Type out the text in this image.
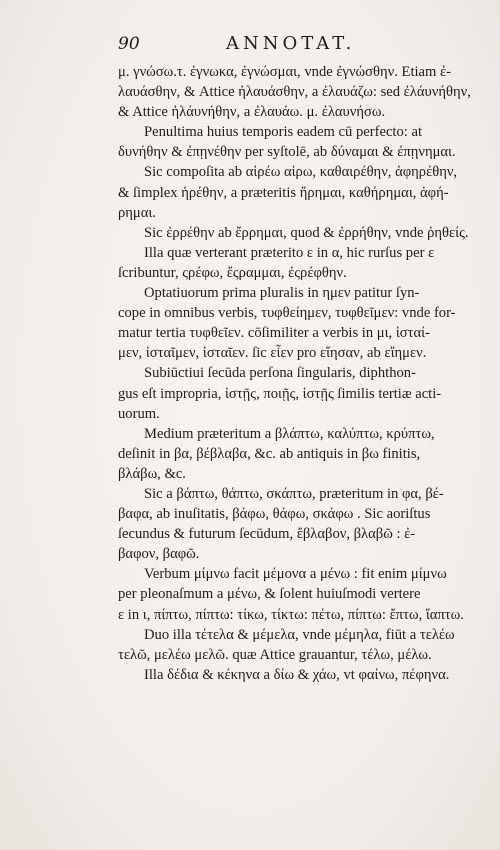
90	ANNOTAT.
μ. γνώσω.τ. ἐγνωκα, ἐγνώσμαι, vnde ἐγνώσθην. Etiam ἐ-
λαυάσθην, & Attice ἠλαυάσθην, a ἐλαυάζω: sed ἐλάυνήθην,
& Attice ἠλάυνήθην, a ἐλαυάω. μ. ἐλαυνήσω.
Penultima huius temporis eadem cū perfecto: at
δυνήθην & ἐπῃνέθην per syſtolē, ab δύναμαι & ἐπῃνημαι.
Sic compoſita ab αἱρέω αἱρω, καθαιρέθην, ἀφηρέθην,
& ſimplex ἡρέθην, a præteritis ἥρημαι, καθήρημαι, ἀφή-
ρημαι.
Sic ἐρρέθην ab ἔρρημαι, quod & ἐρρήθην, vnde ῥηθείς.
Illa quæ verterant præterito ε in α, hic rurſus per ε
ſcribuntur, ςρέφω, ἔςραμμαι, ἐςρέφθην.
Optatiuorum prima pluralis in ημεν patitur ſyn-
cope in omnibus verbis, τυφθείημεν, τυφθεῖμεν: vnde for-
matur tertia τυφθεῖεν. cōſimiliter a verbis in μι, ἱσταί-
μεν, ἱσταῖμεν, ἱσταῖεν. ſic εἶεν pro εἴησαν, ab εἴημεν.
Subiūctiui ſecūda perſona ſingularis, diphthon-
gus eſt impropria, ἱστῇς, ποιῇς, ἱστῇς ſimilis tertiæ acti-
uorum.
Medium præteritum a βλάπτω, καλύπτω, κρύπτω,
deſinit in βα, βέβλαβα, &c. ab antiquis in βω finitis,
βλάβω, &c.
Sic a βάπτω, θάπτω, σκάπτω, præteritum in φα, βέ-
βαφα, ab inuſitatis, βάφω, θάφω, σκάφω . Sic aoriſtus
ſecundus & futurum ſecūdum, ἔβλαβον, βλαβῶ : ἐ-
βαφον, βαφῶ.
Verbum μίμνω facit μέμονα a μένω : fit enim μίμνω
per pleonaſmum a μένω, & ſolent huiuſmodi vertere
ε in ι, πίπτω, πίπτω: τίκω, τίκτω: πέτω, πίπτω: ἔπτω, ἴαπτω.
Duo illa τέτελα & μέμελα, vnde μέμηλα, fiūt a τελέω
τελῶ, μελέω μελῶ. quæ Attice grauantur, τέλω, μέλω.
Illa δέδια & κέκηνα a δίω & χάω, vt φαίνω, πέφηνα.
